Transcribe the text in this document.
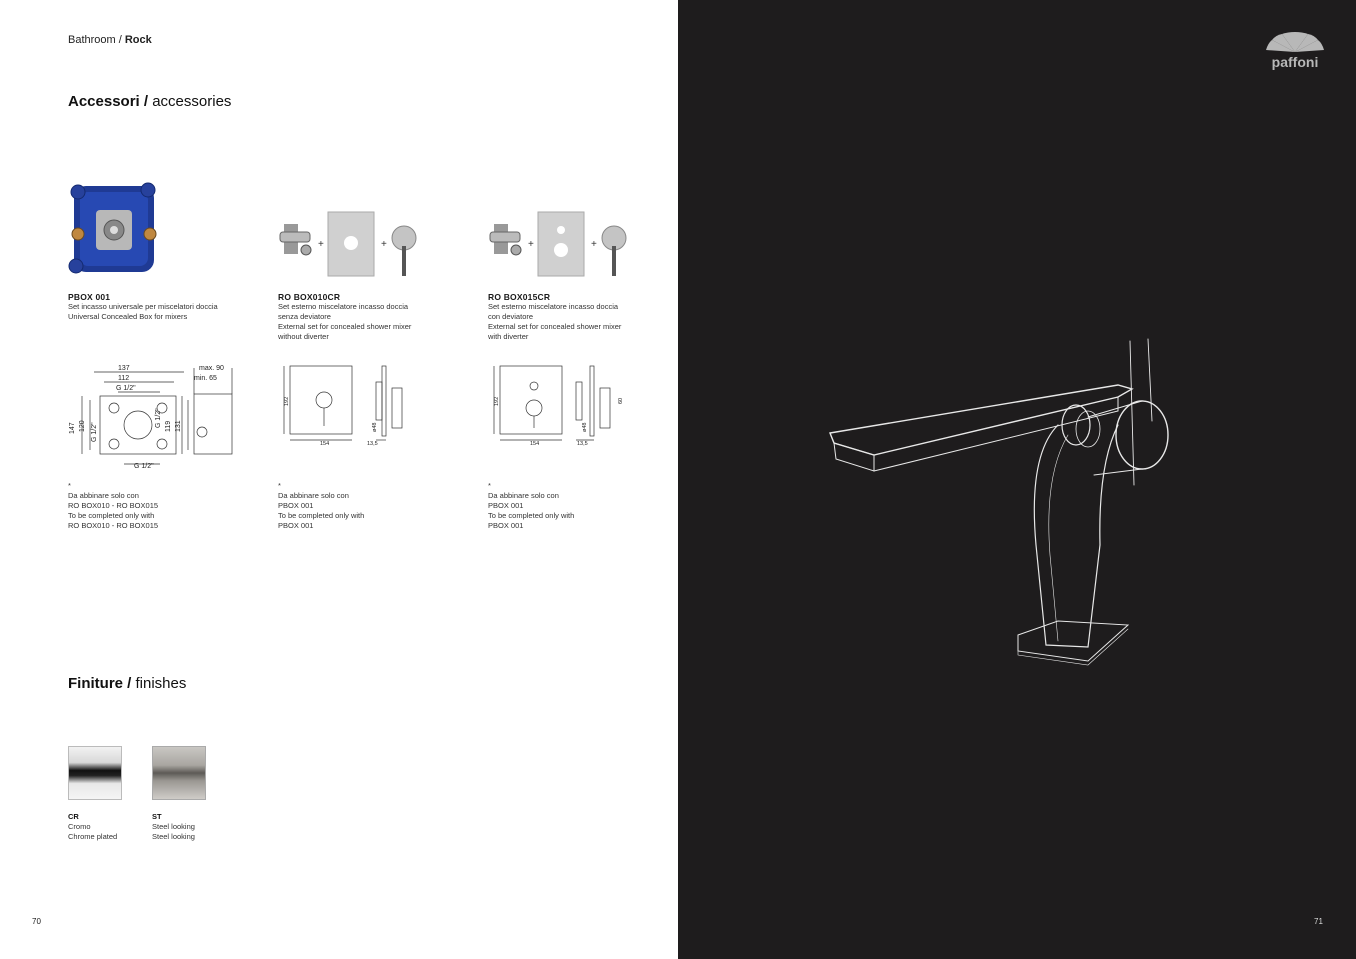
Bathroom / Rock
Accessori / accessories
PBOX 001
Set incasso universale per miscelatori doccia
Universal Concealed Box for mixers
+	+
RO BOX010CR
Set esterno miscelatore incasso doccia
senza deviatore
External set for concealed shower mixer
without diverter
+	+
RO BOX015CR
Set esterno miscelatore incasso doccia
con deviatore
External set for concealed shower mixer
with diverter
137
112
G 1/2"
max. 90
min. 65
147 120 G 1/2"
G 1/2" 119 131
G 1/2"
192
154	13,5
ø48
192
154	13,5
ø48
60
*
Da abbinare solo con
RO BOX010 - RO BOX015
To be completed only with
RO BOX010 - RO BOX015
*
Da abbinare solo con
PBOX 001
To be completed only with
PBOX 001
*
Da abbinare solo con
PBOX 001
To be completed only with
PBOX 001
Finiture / finishes
CR
Cromo
Chrome plated
ST
Steel looking
Steel looking
70
paffoni
71
